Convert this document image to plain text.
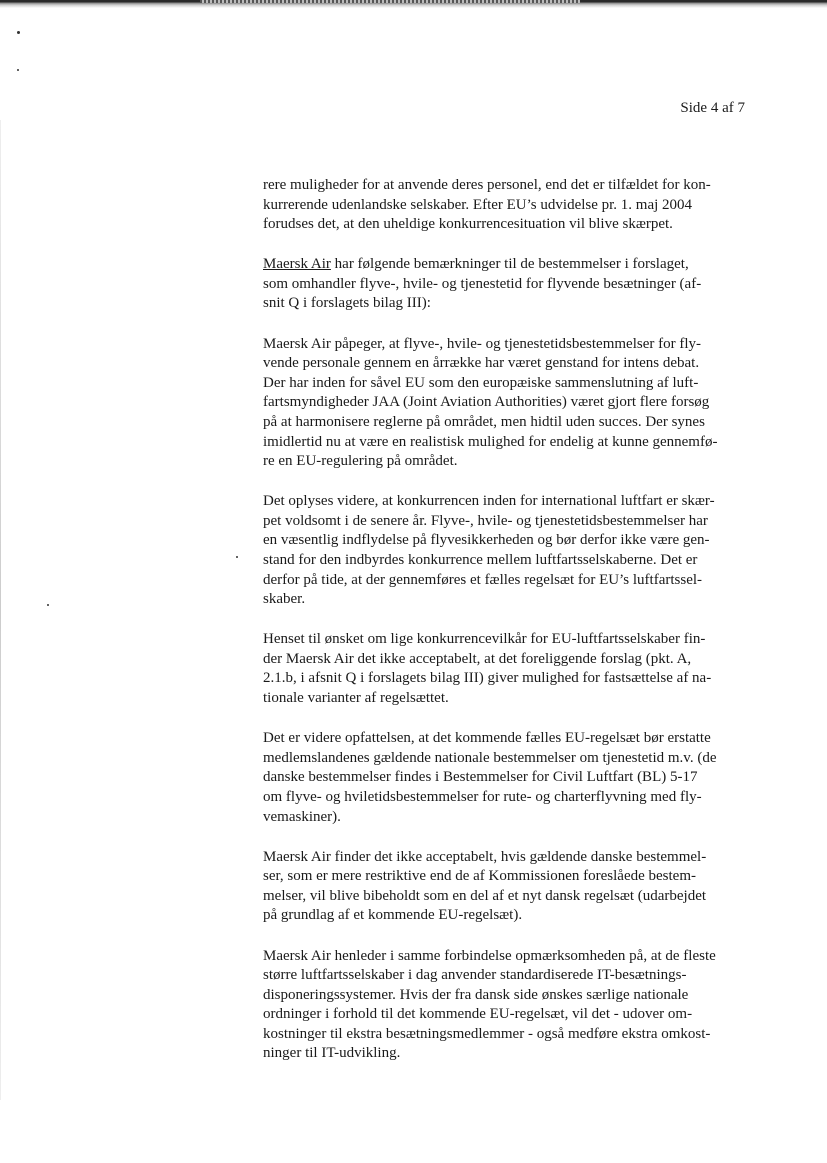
Side 4 af 7

rere muligheder for at anvende deres personel, end det er tilfældet for kon-
kurrerende udenlandske selskaber. Efter EU’s udvidelse pr. 1. maj 2004
forudses det, at den uheldige konkurrencesituation vil blive skærpet.

Maersk Air har følgende bemærkninger til de bestemmelser i forslaget,
som omhandler flyve-, hvile- og tjenestetid for flyvende besætninger (af-
snit Q i forslagets bilag III):

Maersk Air påpeger, at flyve-, hvile- og tjenestetidsbestemmelser for fly-
vende personale gennem en årrække har været genstand for intens debat.
Der har inden for såvel EU som den europæiske sammenslutning af luft-
fartsmyndigheder JAA (Joint Aviation Authorities) været gjort flere forsøg
på at harmonisere reglerne på området, men hidtil uden succes. Der synes
imidlertid nu at være en realistisk mulighed for endelig at kunne gennemfø-
re en EU-regulering på området.

Det oplyses videre, at konkurrencen inden for international luftfart er skær-
pet voldsomt i de senere år. Flyve-, hvile- og tjenestetidsbestemmelser har
en væsentlig indflydelse på flyvesikkerheden og bør derfor ikke være gen-
stand for den indbyrdes konkurrence mellem luftfartsselskaberne. Det er
derfor på tide, at der gennemføres et fælles regelsæt for EU’s luftfartssel-
skaber.

Henset til ønsket om lige konkurrencevilkår for EU-luftfartsselskaber fin-
der Maersk Air det ikke acceptabelt, at det foreliggende forslag (pkt. A,
2.1.b, i afsnit Q i forslagets bilag III) giver mulighed for fastsættelse af na-
tionale varianter af regelsættet.

Det er videre opfattelsen, at det kommende fælles EU-regelsæt bør erstatte
medlemslandenes gældende nationale bestemmelser om tjenestetid m.v. (de
danske bestemmelser findes i Bestemmelser for Civil Luftfart (BL) 5-17
om flyve- og hviletidsbestemmelser for rute- og charterflyvning med fly-
vemaskiner).

Maersk Air finder det ikke acceptabelt, hvis gældende danske bestemmel-
ser, som er mere restriktive end de af Kommissionen foreslåede bestem-
melser, vil blive bibeholdt som en del af et nyt dansk regelsæt (udarbejdet
på grundlag af et kommende EU-regelsæt).

Maersk Air henleder i samme forbindelse opmærksomheden på, at de fleste
større luftfartsselskaber i dag anvender standardiserede IT-besætnings-
disponeringssystemer. Hvis der fra dansk side ønskes særlige nationale
ordninger i forhold til det kommende EU-regelsæt, vil det - udover om-
kostninger til ekstra besætningsmedlemmer - også medføre ekstra omkost-
ninger til IT-udvikling.
